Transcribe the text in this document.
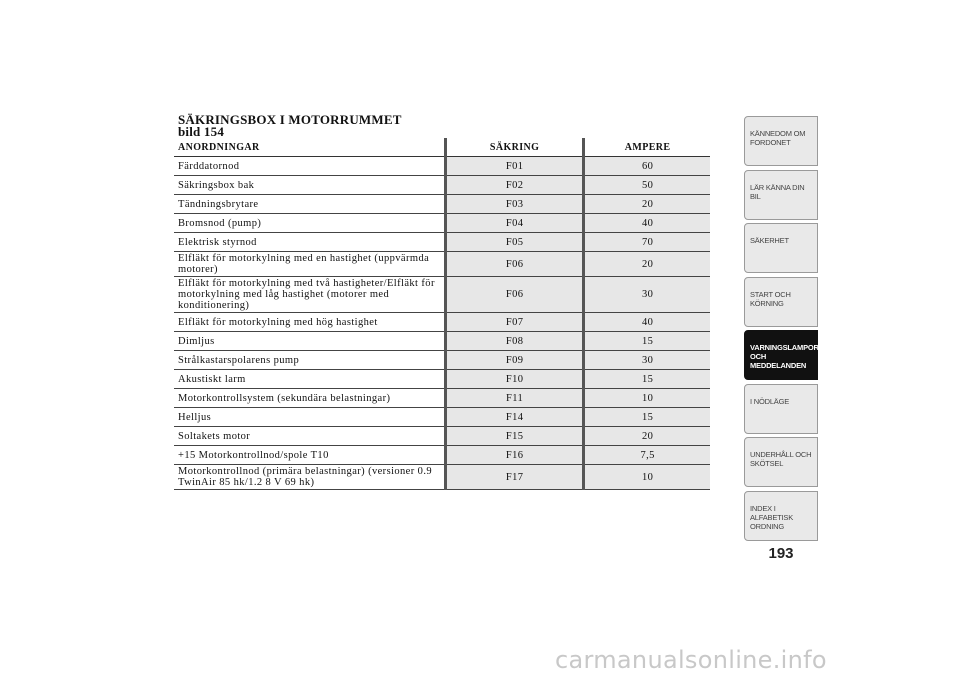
SÄKRINGSBOX I MOTORRUMMET
bild 154
ANORDNINGAR	SÄKRING	AMPERE
Färddatornod	F01	60
Säkringsbox bak	F02	50
Tändningsbrytare	F03	20
Bromsnod (pump)	F04	40
Elektrisk styrnod	F05	70
Elfläkt för motorkylning med en hastighet (uppvärmda motorer)	F06	20
Elfläkt för motorkylning med två hastigheter/Elfläkt för motorkylning med låg hastighet (motorer med konditionering)	F06	30
Elfläkt för motorkylning med hög hastighet	F07	40
Dimljus	F08	15
Strålkastarspolarens pump	F09	30
Akustiskt larm	F10	15
Motorkontrollsystem (sekundära belastningar)	F11	10
Helljus	F14	15
Soltakets motor	F15	20
+15 Motorkontrollnod/spole T10	F16	7,5
Motorkontrollnod (primära belastningar) (versioner 0.9 TwinAir 85 hk/1.2 8 V 69 hk)	F17	10
KÄNNEDOM OM FORDONET
LÄR KÄNNA DIN BIL
SÄKERHET
START OCH KÖRNING
VARNINGSLAMPOR OCH MEDDELANDEN
I NÖDLÄGE
UNDERHÅLL OCH SKÖTSEL
INDEX I ALFABETISK ORDNING
193
carmanualsonline.info
